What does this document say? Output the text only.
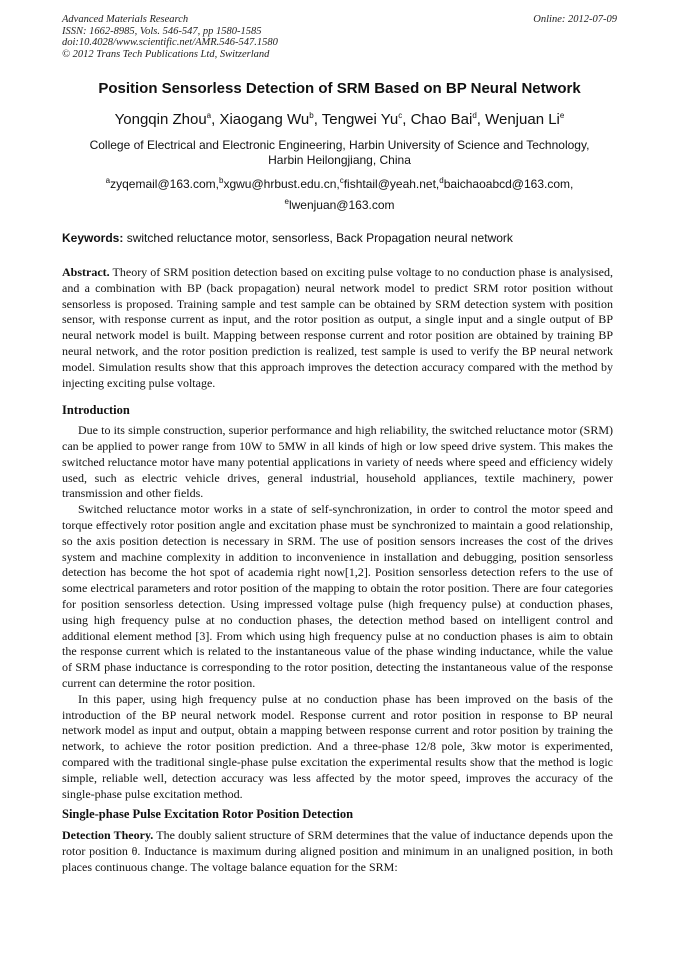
Advanced Materials Research
ISSN: 1662-8985, Vols. 546-547, pp 1580-1585
doi:10.4028/www.scientific.net/AMR.546-547.1580
© 2012 Trans Tech Publications Ltd, Switzerland
Online: 2012-07-09
Position Sensorless Detection of SRM Based on BP Neural Network
Yongqin Zhou$^a$, Xiaogang Wu$^b$, Tengwei Yu$^c$, Chao Bai$^d$, Wenjuan Li$^e$
College of Electrical and Electronic Engineering, Harbin University of Science and Technology,
Harbin Heilongjiang, China
$^a$zyqemail@163.com,$^b$xgwu@hrbust.edu.cn,$^c$fishtail@yeah.net,$^d$baichaoabcd@163.com,
$^e$lwenjuan@163.com
Keywords: switched reluctance motor, sensorless, Back Propagation neural network

Abstract. Theory of SRM position detection based on exciting pulse voltage to no conduction phase is analysised, and a combination with BP (back propagation) neural network model to predict SRM rotor position without sensorless is proposed. Training sample and test sample can be obtained by SRM detection system with position sensor, with response current as input, and the rotor position as output, a single input and a single output of BP neural network model is built. Mapping between response current and rotor position are obtained by training BP neural network, and the rotor position prediction is realized, test sample is used to verify the BP neural network model. Simulation results show that this approach improves the detection accuracy compared with the method by injecting exciting pulse voltage.

Introduction

Due to its simple construction, superior performance and high reliability, the switched reluctance motor (SRM) can be applied to power range from 10W to 5MW in all kinds of high or low speed drive system. This makes the switched reluctance motor have many potential applications in variety of needs where speed and efficiency widely used, such as electric vehicle drives, general industrial, household appliances, textile machinery, power transmission and other fields.

Switched reluctance motor works in a state of self-synchronization, in order to control the motor speed and torque effectively rotor position angle and excitation phase must be synchronized to maintain a good relationship, so the axis position detection is necessary in SRM. The use of position sensors increases the cost of the drives system and machine complexity in addition to inconvenience in installation and debugging, position sensorless detection has become the hot spot of academia right now[1,2]. Position sensorless detection refers to the use of some electrical parameters and rotor position of the mapping to obtain the rotor position. There are four categories for position sensorless detection. Using impressed voltage pulse (high frequency pulse) at conduction phases, using high frequency pulse at no conduction phases, the detection method based on intelligent control and additional element method [3]. From which using high frequency pulse at no conduction phases is aim to obtain the response current which is related to the instantaneous value of the phase winding inductance, while the value of SRM phase inductance is corresponding to the rotor position, detecting the instantaneous value of the response current can determine the rotor position.

In this paper, using high frequency pulse at no conduction phase has been improved on the basis of the introduction of the BP neural network model. Response current and rotor position in response to BP neural network model as input and output, obtain a mapping between response current and rotor position by training the network, to achieve the rotor position prediction. And a three-phase 12/8 pole, 3kw motor is experimented, compared with the traditional single-phase pulse excitation the experimental results show that the method is logic simple, reliable well, detection accuracy was less affected by the motor speed, improves the accuracy of the single-phase pulse excitation method.

Single-phase Pulse Excitation Rotor Position Detection

Detection Theory. The doubly salient structure of SRM determines that the value of inductance depends upon the rotor position θ. Inductance is maximum during aligned position and minimum in an unaligned position, in both places continuous change. The voltage balance equation for the SRM:
